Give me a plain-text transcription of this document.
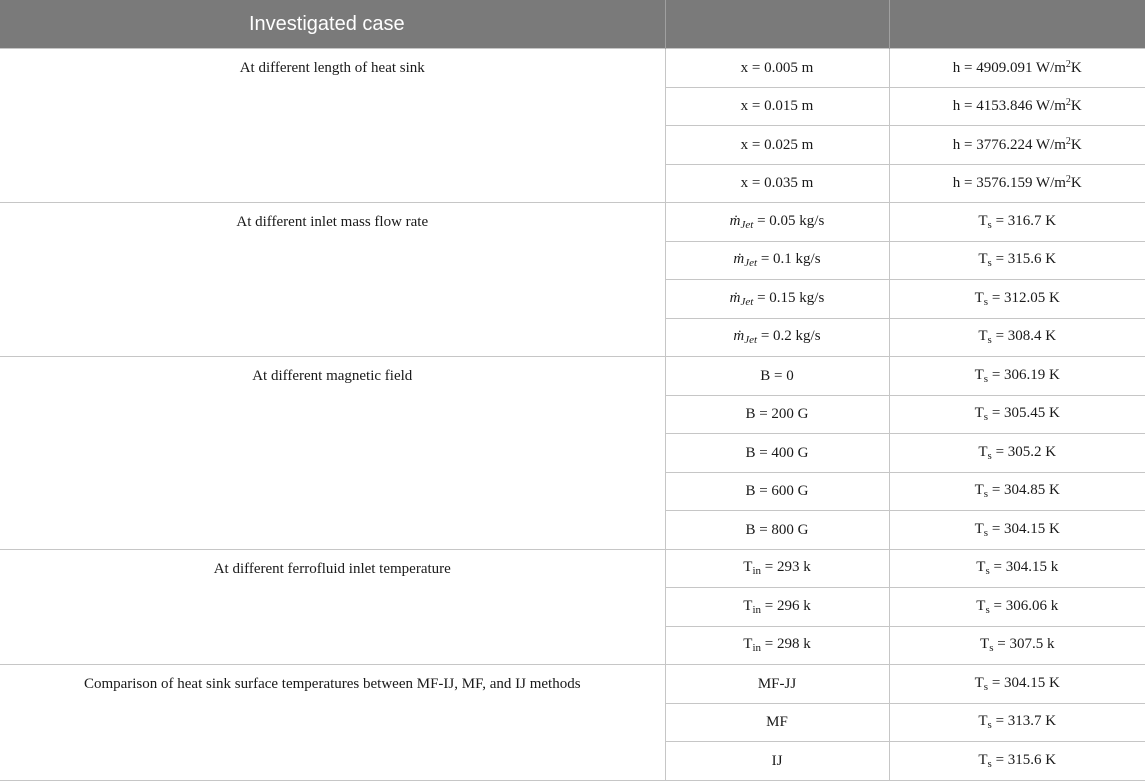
Investigated case		

At different length of heat sink	x = 0.005 m	h = 4909.091 $W/m^2K$
	x = 0.015 m	h = 4153.846 $W/m^2K$
	x = 0.025 m	h = 3776.224 $W/m^2K$
	x = 0.035 m	h = 3576.159 $W/m^2K$
At different inlet mass flow rate	ṁ$_{Jet}$ = 0.05 kg/s	$T_s = 316.7$ K
	ṁ$_{Jet}$ = 0.1 kg/s	$T_s = 315.6$ K
	ṁ$_{Jet}$ = 0.15 kg/s	$T_s = 312.05$ K
	ṁ$_{Jet}$ = 0.2 kg/s	$T_s = 308.4$ K
At different magnetic field	B = 0	$T_s = 306.19$ K
	B = 200 G	$T_s = 305.45$ K
	B = 400 G	$T_s = 305.2$ K
	B = 600 G	$T_s = 304.85$ K
	B = 800 G	$T_s = 304.15$ K
At different ferrofluid inlet temperature	$T_{in} = 293$ k	$T_s = 304.15$ k
	$T_{in} = 296$ k	$T_s = 306.06$ k
	$T_{in} = 298$ k	$T_s = 307.5$ k
Comparison of heat sink surface temperatures between MF-IJ, MF, and IJ methods	MF-JJ	$T_s = 304.15$ K
	MF	$T_s = 313.7$ K
	IJ	$T_s = 315.6$ K
